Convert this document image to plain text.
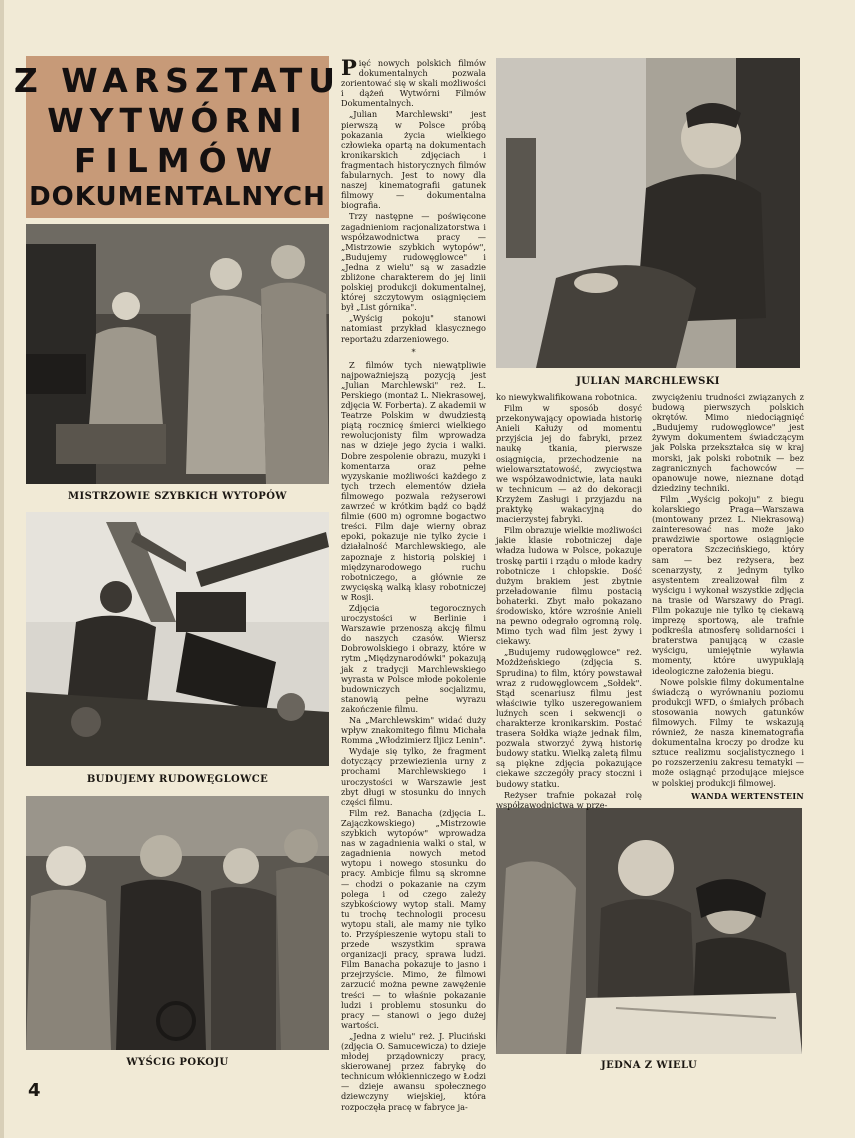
Z WARSZTATU
WYTWÓRNI
FILMÓW
DOKUMENTALNYCH
MISTRZOWIE SZYBKICH WYTOPÓW
BUDUJEMY RUDOWĘGLOWCE
WYŚCIG POKOJU
JULIAN MARCHLEWSKI
JEDNA Z WIELU

Pięć nowych polskich filmów dokumentalnych pozwala zorientować się w skali możliwości i dążeń Wytwórni Filmów Dokumentalnych.

„Julian Marchlewski" jest pierwszą w Polsce próbą pokazania życia wielkiego człowieka opartą na dokumentach kronikarskich zdjęciach i fragmentach historycznych filmów fabularnych. Jest to nowy dla naszej kinematografii gatunek filmowy — dokumentalna biografia.

Trzy następne — poświęcone zagadnieniom racjonalizatorstwa i współzawodnictwa pracy — „Mistrzowie szybkich wytopów", „Budujemy rudowęglowce" i „Jedna z wielu" są w zasadzie zbliżone charakterem do jej linii polskiej produkcji dokumentalnej, której szczytowym osiągnięciem był „List górnika".

„Wyścig pokoju" stanowi natomiast przykład klasycznego reportażu zdarzeniowego.

*

Z filmów tych niewątpliwie najpoważniejszą pozycją jest „Julian Marchlewski" reż. L. Perskiego (montaż L. Niekrasowej, zdjęcia W. Forberta). Z akademii w Teatrze Polskim w dwudziestą piątą rocznicę śmierci wielkiego rewolucjonisty film wprowadza nas w dzieje jego życia i walki. Dobre zespolenie obrazu, muzyki i komentarza oraz pełne wyzyskanie możliwości każdego z tych trzech elementów dzieła filmowego pozwala reżyserowi zawrzeć w krótkim bądź co bądź filmie (600 m) ogromne bogactwo treści. Film daje wierny obraz epoki, pokazuje nie tylko życie i działalność Marchlewskiego, ale zapoznaje z historią polskiej i międzynarodowego ruchu robotniczego, a głównie ze zwycięską walką klasy robotniczej w Rosji.

Zdjęcia tegorocznych uroczystości w Berlinie i Warszawie przenoszą akcję filmu do naszych czasów. Wiersz Dobrowolskiego i obrazy, które w rytm „Międzynarodówki" pokazują jak z tradycji Marchlewskiego wyrasta w Polsce młode pokolenie budowniczych socjalizmu, stanowią pełne wyrazu zakończenie filmu.

Na „Marchlewskim" widać duży wpływ znakomitego filmu Michała Romma „Włodzimierz Iljicz Lenin".

Wydaje się tylko, że fragment dotyczący przewiezienia urny z prochami Marchlewskiego i uroczystości w Warszawie jest zbyt długi w stosunku do innych części filmu.

Film reż. Banacha (zdjęcia L. Zajączkowskiego) „Mistrzowie szybkich wytopów" wprowadza nas w zagadnienia walki o stal, w zagadnienia nowych metod wytopu i nowego stosunku do pracy. Ambicje filmu są skromne — chodzi o pokazanie na czym polega i od czego zależy szybkościowy wytop stali. Mamy tu trochę technologii procesu wytopu stali, ale mamy nie tylko to. Przyśpieszenie wytopu stali to przede wszystkim sprawa organizacji pracy, sprawa ludzi. Film Banacha pokazuje to jasno i przejrzyście. Mimo, że filmowi zarzucić można pewne zawężenie treści — to właśnie pokazanie ludzi i problemu stosunku do pracy — stanowi o jego dużej wartości.

„Jedna z wielu" reż. J. Pluciński (zdjęcia O. Samucewicza) to dzieje młodej prządowniczy pracy, skierowanej przez fabrykę do technicum włókienniczego w Łodzi — dzieje awansu społecznego dziewczyny wiejskiej, która rozpoczęła pracę w fabryce ja-

ko niewykwalifikowana robotnica.

Film w sposób dosyć przekonywający opowiada historię Anieli Kałuży od momentu przyjścia jej do fabryki, przez naukę tkania, pierwsze osiągnięcia, przechodzenie na wielowarsztatowość, zwycięstwa we współzawodnictwie, lata nauki w technicum — aż do dekoracji Krzyżem Zasługi i przyjazdu na praktykę wakacyjną do macierzystej fabryki.

Film obrazuje wielkie możliwości jakie klasie robotniczej daje władza ludowa w Polsce, pokazuje troskę partii i rządu o młode kadry robotnicze i chłopskie. Dość dużym brakiem jest zbytnie przeładowanie filmu postacią bohaterki. Zbyt mało pokazano środowisko, które wzrośnie Anieli na pewno odegrało ogromną rolę. Mimo tych wad film jest żywy i ciekawy.

„Budujemy rudowęglowce" reż. Możdżeńskiego (zdjęcia S. Sprudina) to film, który powstawał wraz z rudowęglowcem „Sołdek". Stąd scenariusz filmu jest właściwie tylko uszeregowaniem luźnych scen i sekwencji o charakterze kronikarskim. Postać trasera Sołdka wiąże jednak film, pozwala stworzyć żywą historię budowy statku. Wielką zaletą filmu są piękne zdjęcia pokazujące ciekawe szczegóły pracy stoczni i budowy statku.

Reżyser trafnie pokazał rolę współzawodnictwa w prze-

zwyciężeniu trudności związanych z budową pierwszych polskich okrętów. Mimo niedociągnięć „Budujemy rudowęglowce" jest żywym dokumentem świadczącym jak Polska przekształca się w kraj morski, jak polski robotnik — bez zagranicznych fachowców — opanowuje nowe, nieznane dotąd dziedziny techniki.

Film „Wyścig pokoju" z biegu kolarskiego Praga—Warszawa (montowany przez L. Niekrasową) zainteresować nas może jako prawdziwie sportowe osiągnięcie operatora Szczecińskiego, który sam — bez reżysera, bez scenarzysty, z jednym tylko asystentem zrealizował film z wyścigu i wykonał wszystkie zdjęcia na trasie od Warszawy do Pragi. Film pokazuje nie tylko tę ciekawą imprezę sportową, ale trafnie podkreśla atmosferę solidarności i braterstwa panującą w czasie wyścigu, umiejętnie wyławia momenty, które uwypuklają ideologiczne założenia biegu.

Nowe polskie filmy dokumentalne świadczą o wyrównaniu poziomu produkcji WFD, o śmiałych próbach stosowania nowych gatunków filmowych. Filmy te wskazują również, że nasza kinematografia dokumentalna kroczy po drodze ku sztuce realizmu socjalistycznego i po rozszerzeniu zakresu tematyki — może osiągnąć przodujące miejsce w polskiej produkcji filmowej.

WANDA WERTENSTEIN
4
